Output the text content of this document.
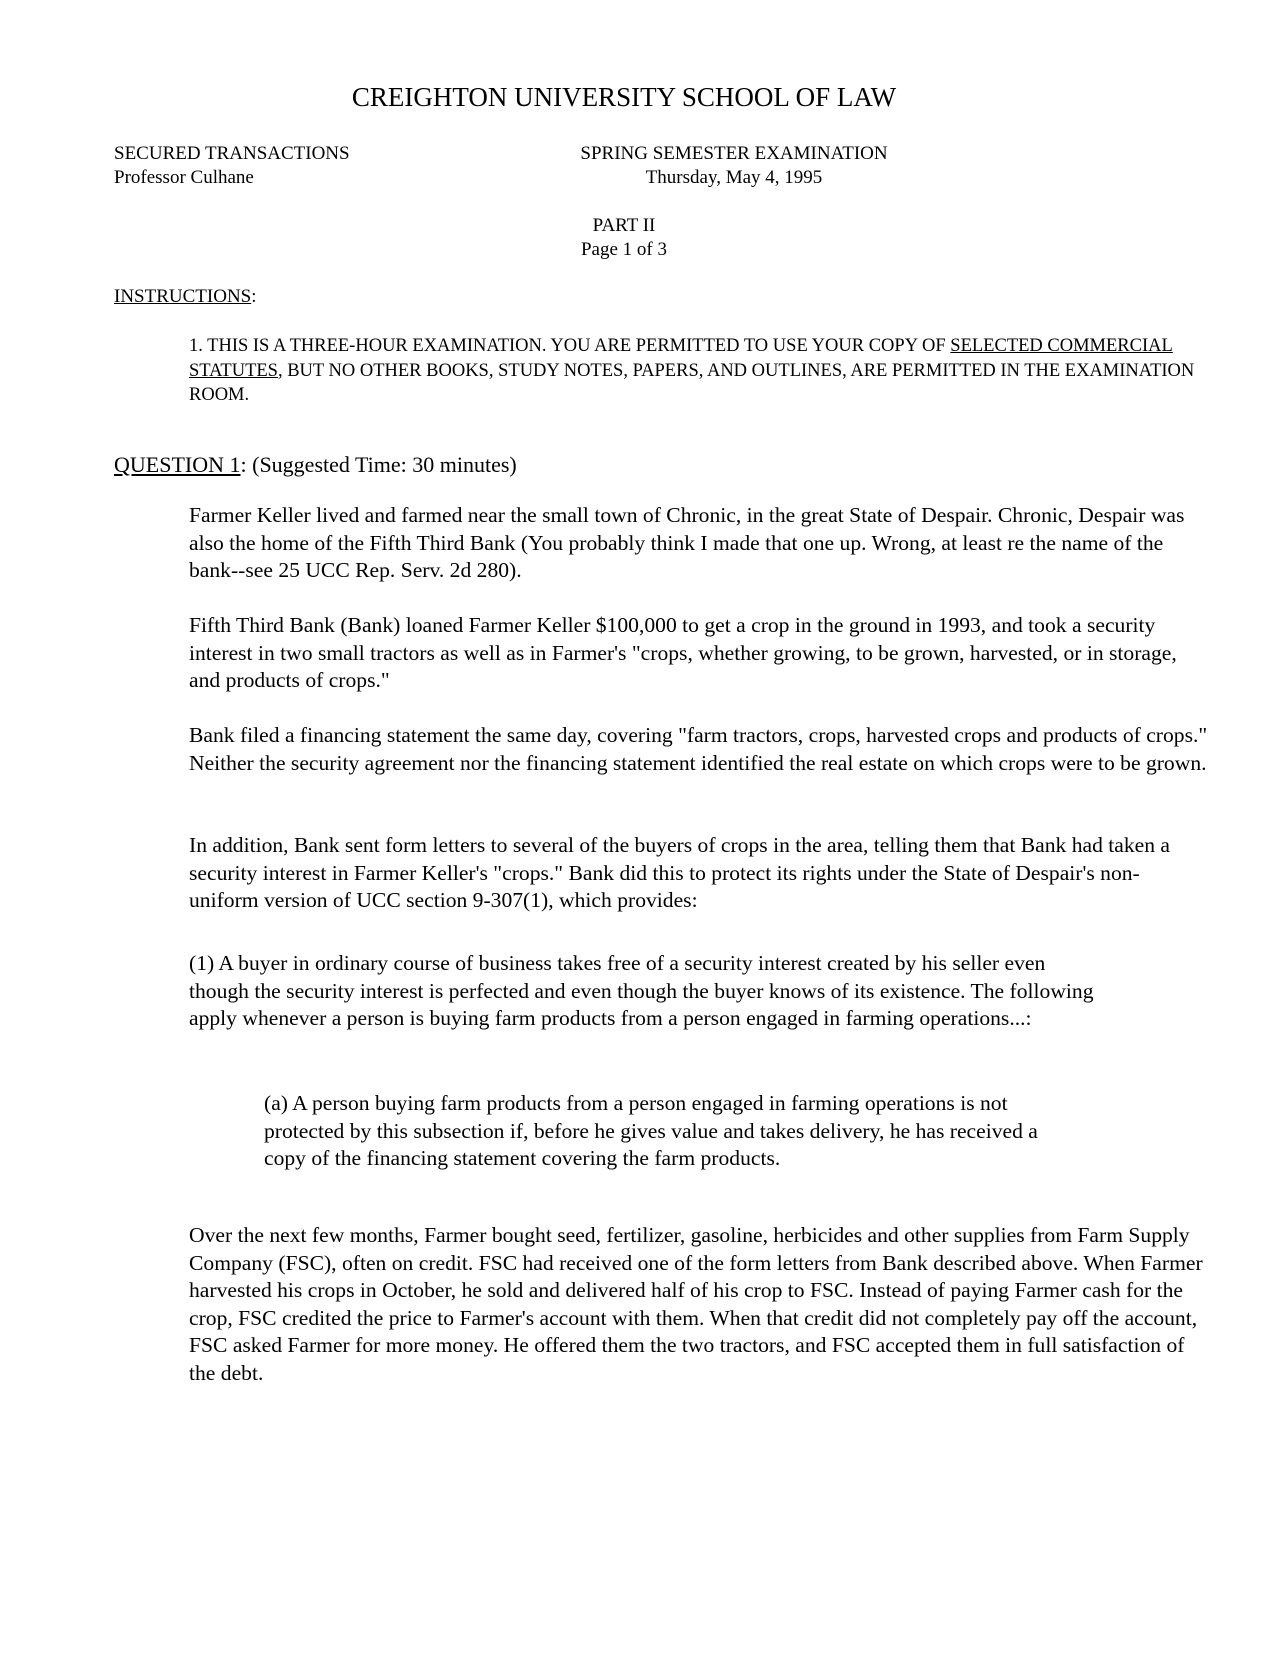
CREIGHTON UNIVERSITY SCHOOL OF LAW
SECURED TRANSACTIONS
Professor Culhane
SPRING SEMESTER EXAMINATION
Thursday, May 4, 1995
PART II
Page 1 of 3
INSTRUCTIONS:

1. THIS IS A THREE-HOUR EXAMINATION. YOU ARE PERMITTED TO USE YOUR COPY OF SELECTED COMMERCIAL STATUTES, BUT NO OTHER BOOKS, STUDY NOTES, PAPERS, AND OUTLINES, ARE PERMITTED IN THE EXAMINATION ROOM.

QUESTION 1: (Suggested Time: 30 minutes)

Farmer Keller lived and farmed near the small town of Chronic, in the great State of Despair. Chronic, Despair was also the home of the Fifth Third Bank (You probably think I made that one up. Wrong, at least re the name of the bank--see 25 UCC Rep. Serv. 2d 280).

Fifth Third Bank (Bank) loaned Farmer Keller $100,000 to get a crop in the ground in 1993, and took a security interest in two small tractors as well as in Farmer's "crops, whether growing, to be grown, harvested, or in storage, and products of crops."

Bank filed a financing statement the same day, covering "farm tractors, crops, harvested crops and products of crops." Neither the security agreement nor the financing statement identified the real estate on which crops were to be grown.

In addition, Bank sent form letters to several of the buyers of crops in the area, telling them that Bank had taken a security interest in Farmer Keller's "crops." Bank did this to protect its rights under the State of Despair's non-uniform version of UCC section 9-307(1), which provides:

(1) A buyer in ordinary course of business takes free of a security interest created by his seller even though the security interest is perfected and even though the buyer knows of its existence. The following apply whenever a person is buying farm products from a person engaged in farming operations...:

(a) A person buying farm products from a person engaged in farming operations is not protected by this subsection if, before he gives value and takes delivery, he has received a copy of the financing statement covering the farm products.

Over the next few months, Farmer bought seed, fertilizer, gasoline, herbicides and other supplies from Farm Supply Company (FSC), often on credit. FSC had received one of the form letters from Bank described above. When Farmer harvested his crops in October, he sold and delivered half of his crop to FSC. Instead of paying Farmer cash for the crop, FSC credited the price to Farmer's account with them. When that credit did not completely pay off the account, FSC asked Farmer for more money. He offered them the two tractors, and FSC accepted them in full satisfaction of the debt.
